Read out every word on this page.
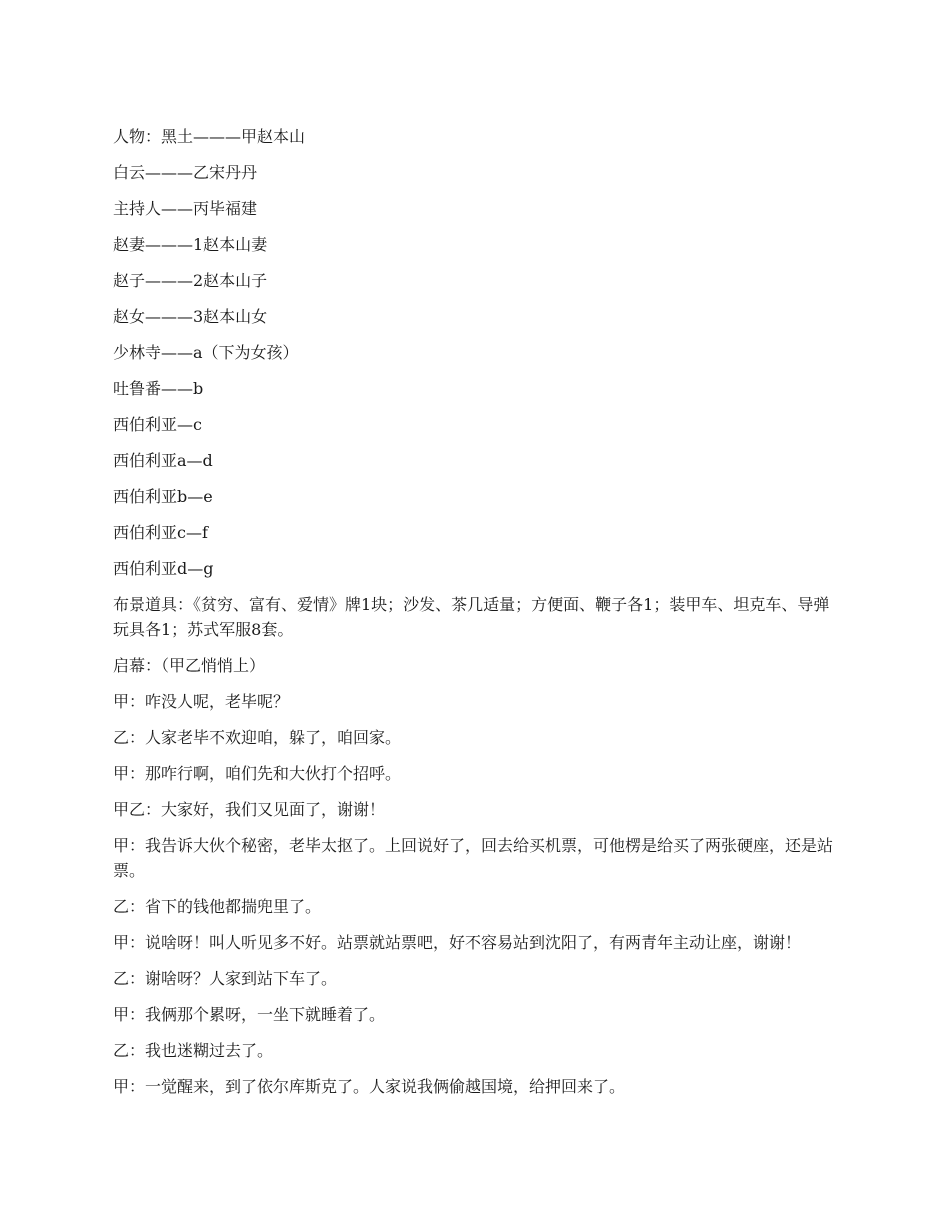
人物：黑土———甲赵本山

白云———乙宋丹丹

主持人——丙毕福建

赵妻———1赵本山妻

赵子———2赵本山子

赵女———3赵本山女

少林寺——a（下为女孩）

吐鲁番——b

西伯利亚—c

西伯利亚a—d

西伯利亚b—e

西伯利亚c—f

西伯利亚d—g

布景道具：《贫穷、富有、爱情》牌1块；沙发、茶几适量；方便面、鞭子各1；装甲车、坦克车、导弹玩具各1；苏式军服8套。

启幕：（甲乙悄悄上）

甲：咋没人呢，老毕呢？

乙：人家老毕不欢迎咱，躲了，咱回家。

甲：那咋行啊，咱们先和大伙打个招呼。

甲乙：大家好，我们又见面了，谢谢！

甲：我告诉大伙个秘密，老毕太抠了。上回说好了，回去给买机票，可他楞是给买了两张硬座，还是站票。

乙：省下的钱他都揣兜里了。

甲：说啥呀！叫人听见多不好。站票就站票吧，好不容易站到沈阳了，有两青年主动让座，谢谢！

乙：谢啥呀？人家到站下车了。

甲：我俩那个累呀，一坐下就睡着了。

乙：我也迷糊过去了。

甲：一觉醒来，到了依尔库斯克了。人家说我俩偷越国境，给押回来了。
